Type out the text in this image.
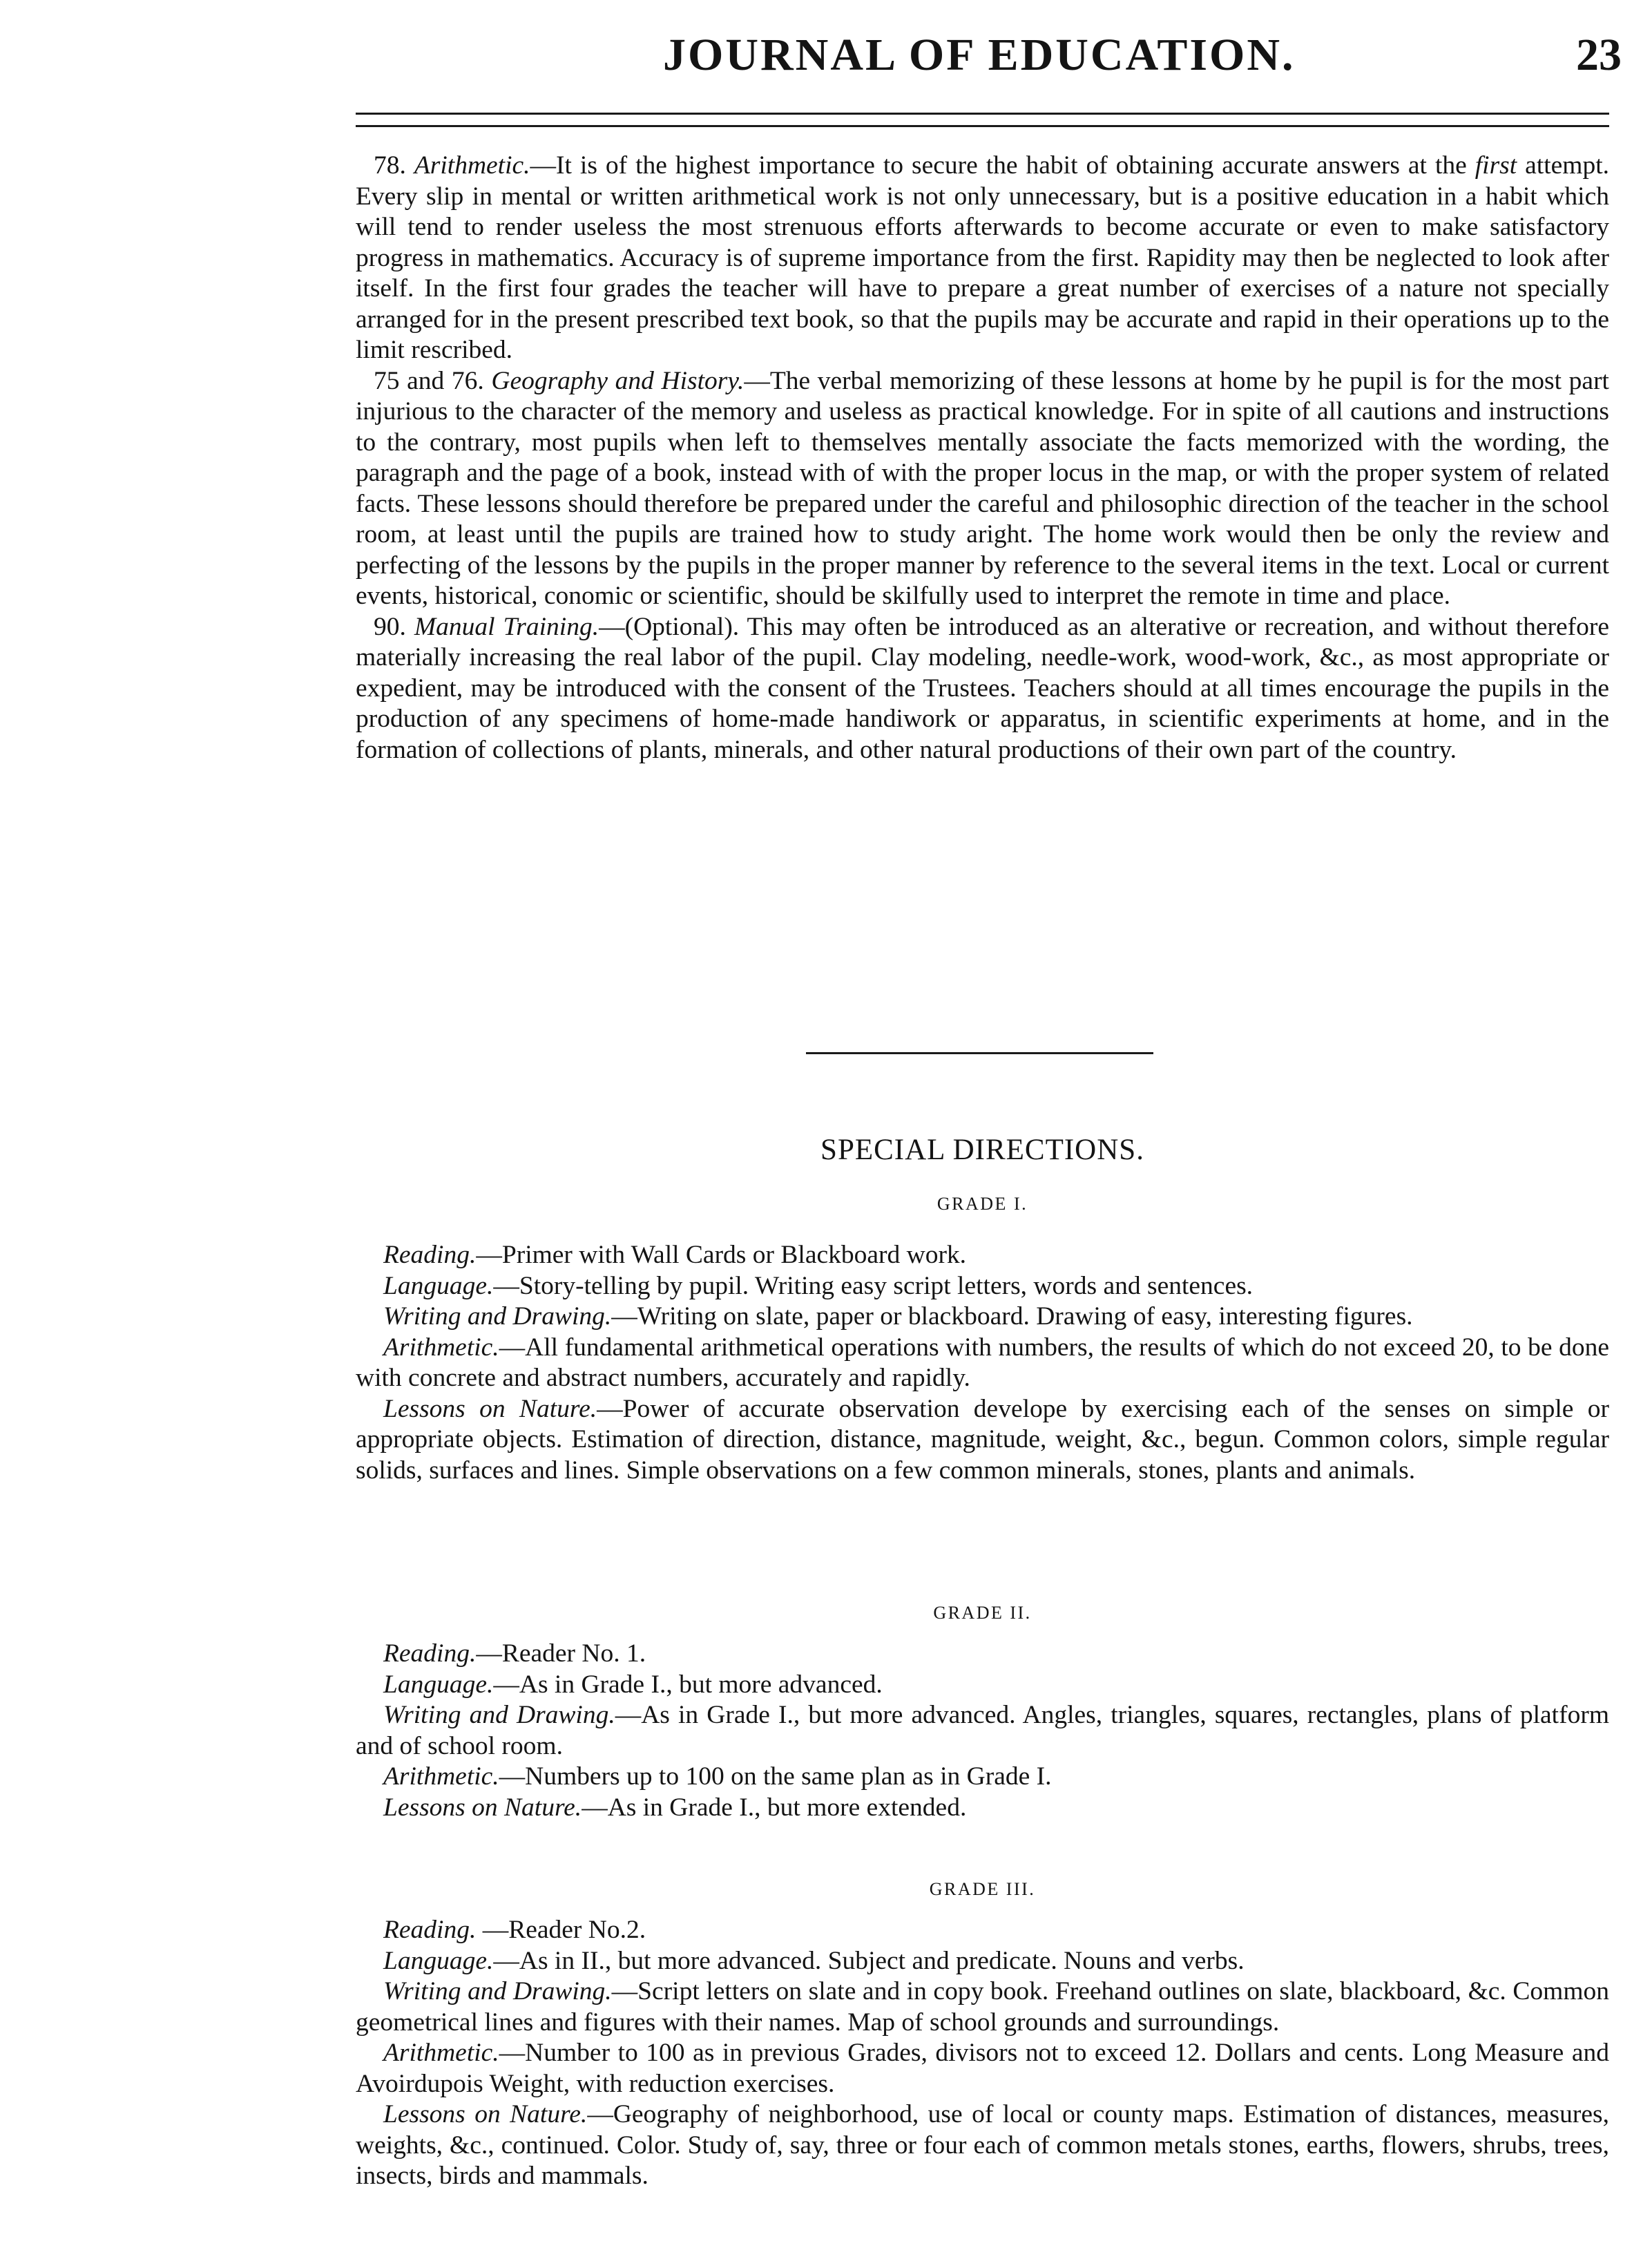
JOURNAL OF EDUCATION.	23

78. Arithmetic.—It is of the highest importance to secure the habit of obtaining accurate answers at the first attempt. Every slip in mental or written arithmetical work is not only unnecessary, but is a positive education in a habit which will tend to render useless the most strenuous efforts afterwards to become accurate or even to make satisfactory progress in mathematics. Accuracy is of supreme importance from the first. Rapidity may then be neglected to look after itself. In the first four grades the teacher will have to prepare a great number of exercises of a nature not specially arranged for in the present prescribed text book, so that the pupils may be accurate and rapid in their operations up to the limit rescribed.

75 and 76. Geography and History.—The verbal memorizing of these lessons at home by he pupil is for the most part injurious to the character of the memory and useless as practical knowledge. For in spite of all cautions and instructions to the contrary, most pupils when left to themselves mentally associate the facts memorized with the wording, the paragraph and the page of a book, instead with of with the proper locus in the map, or with the proper system of related facts. These lessons should therefore be prepared under the careful and philosophic direction of the teacher in the school room, at least until the pupils are trained how to study aright. The home work would then be only the review and perfecting of the lessons by the pupils in the proper manner by reference to the several items in the text. Local or current events, historical, conomic or scientific, should be skilfully used to interpret the remote in time and place.

90. Manual Training.—(Optional). This may often be introduced as an alterative or recreation, and without therefore materially increasing the real labor of the pupil. Clay modeling, needle-work, wood-work, &c., as most appropriate or expedient, may be introduced with the consent of the Trustees. Teachers should at all times encourage the pupils in the production of any specimens of home-made handiwork or apparatus, in scientific experiments at home, and in the formation of collections of plants, minerals, and other natural productions of their own part of the country.

SPECIAL DIRECTIONS.
GRADE I.

Reading.—Primer with Wall Cards or Blackboard work.

Language.—Story-telling by pupil. Writing easy script letters, words and sentences.

Writing and Drawing.—Writing on slate, paper or blackboard. Drawing of easy, interesting figures.

Arithmetic.—All fundamental arithmetical operations with numbers, the results of which do not exceed 20, to be done with concrete and abstract numbers, accurately and rapidly.

Lessons on Nature.—Power of accurate observation develope by exercising each of the senses on simple or appropriate objects. Estimation of direction, distance, magnitude, weight, &c., begun. Common colors, simple regular solids, surfaces and lines. Simple observations on a few common minerals, stones, plants and animals.

GRADE II.

Reading.—Reader No. 1.

Language.—As in Grade I., but more advanced.

Writing and Drawing.—As in Grade I., but more advanced. Angles, triangles, squares, rectangles, plans of platform and of school room.

Arithmetic.—Numbers up to 100 on the same plan as in Grade I.

Lessons on Nature.—As in Grade I., but more extended.

GRADE III.

Reading. —Reader No.2.

Language.—As in II., but more advanced. Subject and predicate. Nouns and verbs.

Writing and Drawing.—Script letters on slate and in copy book. Freehand outlines on slate, blackboard, &c. Common geometrical lines and figures with their names. Map of school grounds and surroundings.

Arithmetic.—Number to 100 as in previous Grades, divisors not to exceed 12. Dollars and cents. Long Measure and Avoirdupois Weight, with reduction exercises.

Lessons on Nature.—Geography of neighborhood, use of local or county maps. Estimation of distances, measures, weights, &c., continued. Color. Study of, say, three or four each of common metals stones, earths, flowers, shrubs, trees, insects, birds and mammals.
